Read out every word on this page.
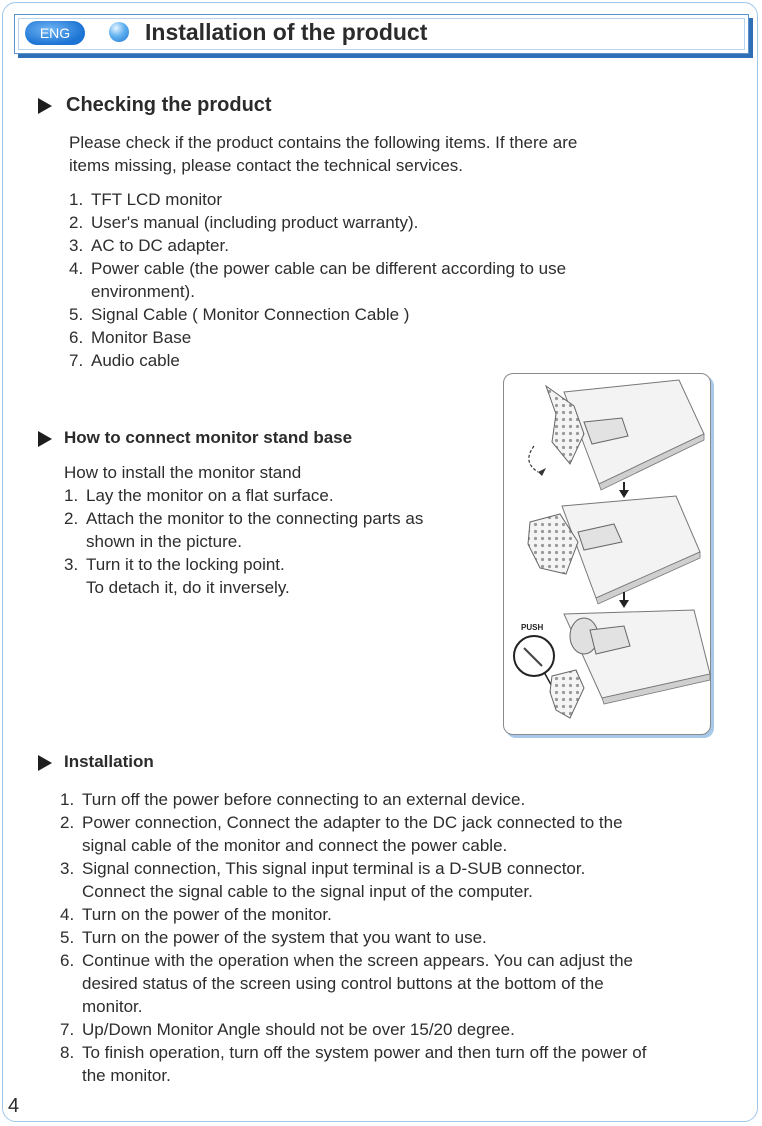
ENG	Installation of the product
Checking the product

Please check if the product contains the following items. If there are

items missing, please contact the technical services.

1. TFT LCD monitor
2. User's manual (including product warranty).
3. AC to DC adapter.
4. Power cable (the power cable can be different according to use
environment).
5. Signal Cable ( Monitor Connection Cable )
6. Monitor Base
7. Audio cable
How to connect monitor stand base

How to install the monitor stand

1. Lay the monitor on a flat surface.
2. Attach the monitor to the connecting parts as
shown in the picture.
3. Turn it to the locking point.
To detach it, do it inversely.
PUSH
Installation
1. Turn off the power before connecting to an external device.
2. Power connection, Connect the adapter to the DC jack connected to the
signal cable of the monitor and connect the power cable.
3. Signal connection, This signal input terminal is a D-SUB connector.
Connect the signal cable to the signal input of the computer.
4. Turn on the power of the monitor.
5. Turn on the power of the system that you want to use.
6. Continue with the operation when the screen appears. You can adjust the
desired status of the screen using control buttons at the bottom of the
monitor.
7. Up/Down Monitor Angle should not be over 15/20 degree.
8. To finish operation, turn off the system power and then turn off the power of
the monitor.
4
